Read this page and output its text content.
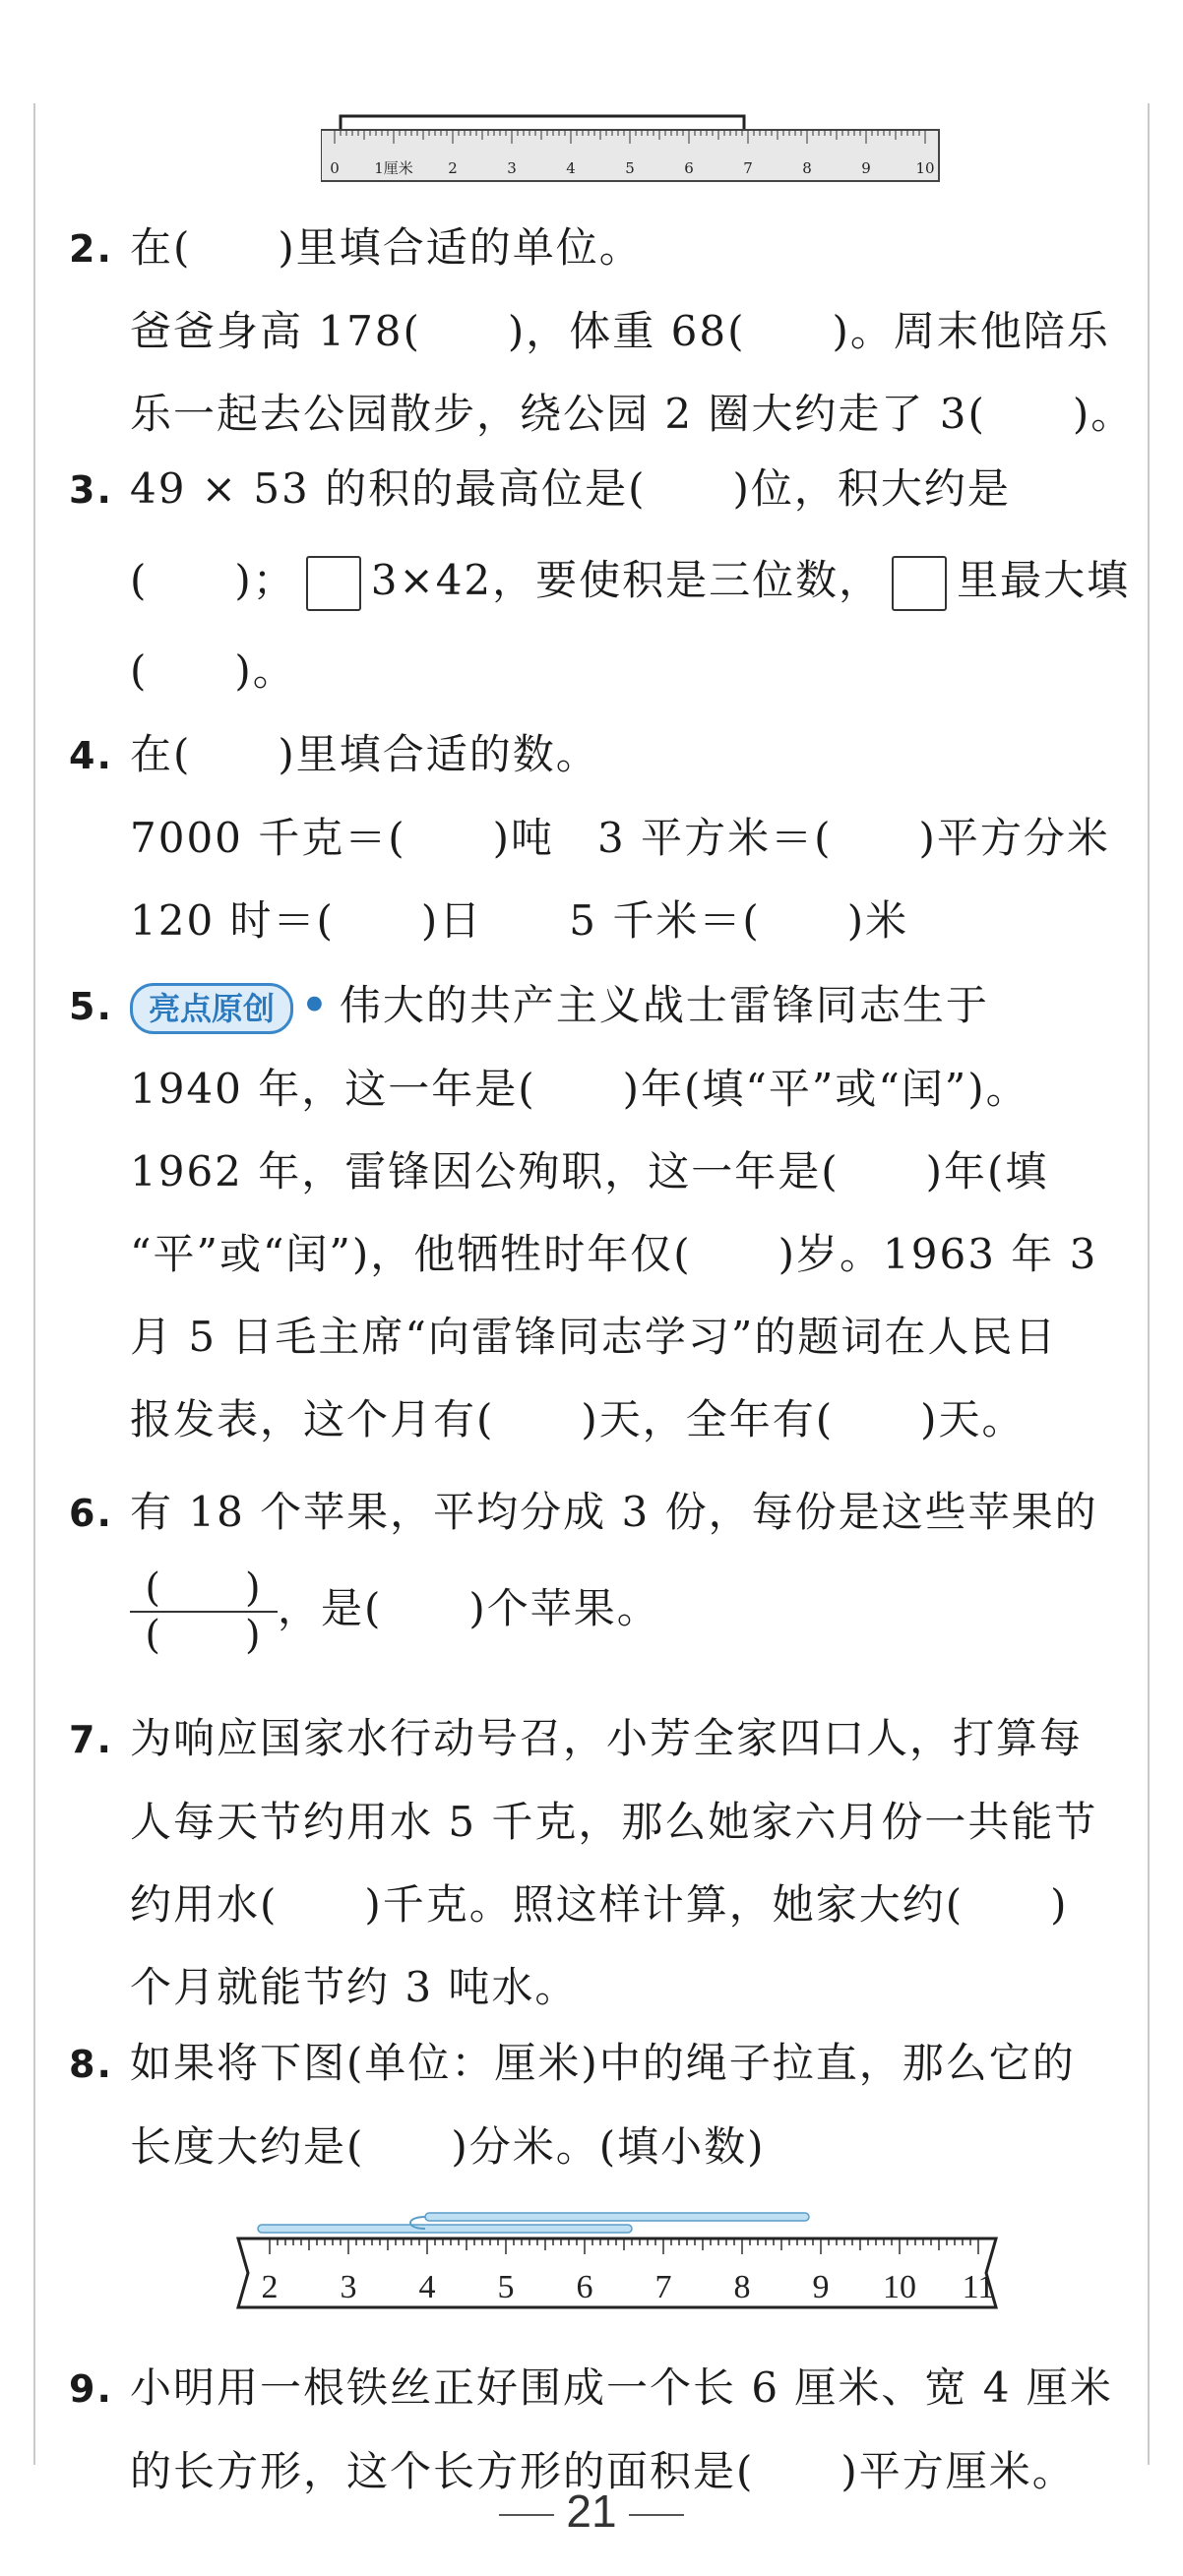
0 1厘米 2	3	4	5	6	7	8	9	10
2. 在(　　)里填合适的单位。
爸爸身高 178(　　)，体重 68(　　)。周末他陪乐
乐一起去公园散步，绕公园 2 圈大约走了 3(　　)。
3. 49 × 53 的积的最高位是(　　)位，积大约是
(　　)； 3×42，要使积是三位数， 里最大填
(　　)。
4. 在(　　)里填合适的数。
7000 千克＝(　　)吨　3 平方米＝(　　)平方分米
120 时＝(　　)日　　5 千米＝(　　)米
5. 亮点原创 • 伟大的共产主义战士雷锋同志生于
1940 年，这一年是(　　)年(填“平”或“闰”)。
1962 年，雷锋因公殉职，这一年是(　　)年(填
“平”或“闰”)，他牺牲时年仅(　　)岁。1963 年 3
月 5 日毛主席“向雷锋同志学习”的题词在人民日
报发表，这个月有(　　)天，全年有(　　)天。
6. 有 18 个苹果，平均分成 3 份，每份是这些苹果的
$\frac{( )}{( )}$ ，是(　　)个苹果。
7. 为响应国家水行动号召，小芳全家四口人，打算每
人每天节约用水 5 千克，那么她家六月份一共能节
约用水(　　)千克。照这样计算，她家大约(　　)
个月就能节约 3 吨水。
8. 如果将下图(单位：厘米)中的绳子拉直，那么它的
长度大约是(　　)分米。(填小数)
2 3 4 5 6 7 8 9 10 11
9. 小明用一根铁丝正好围成一个长 6 厘米、宽 4 厘米
的长方形，这个长方形的面积是(　　)平方厘米。
21
